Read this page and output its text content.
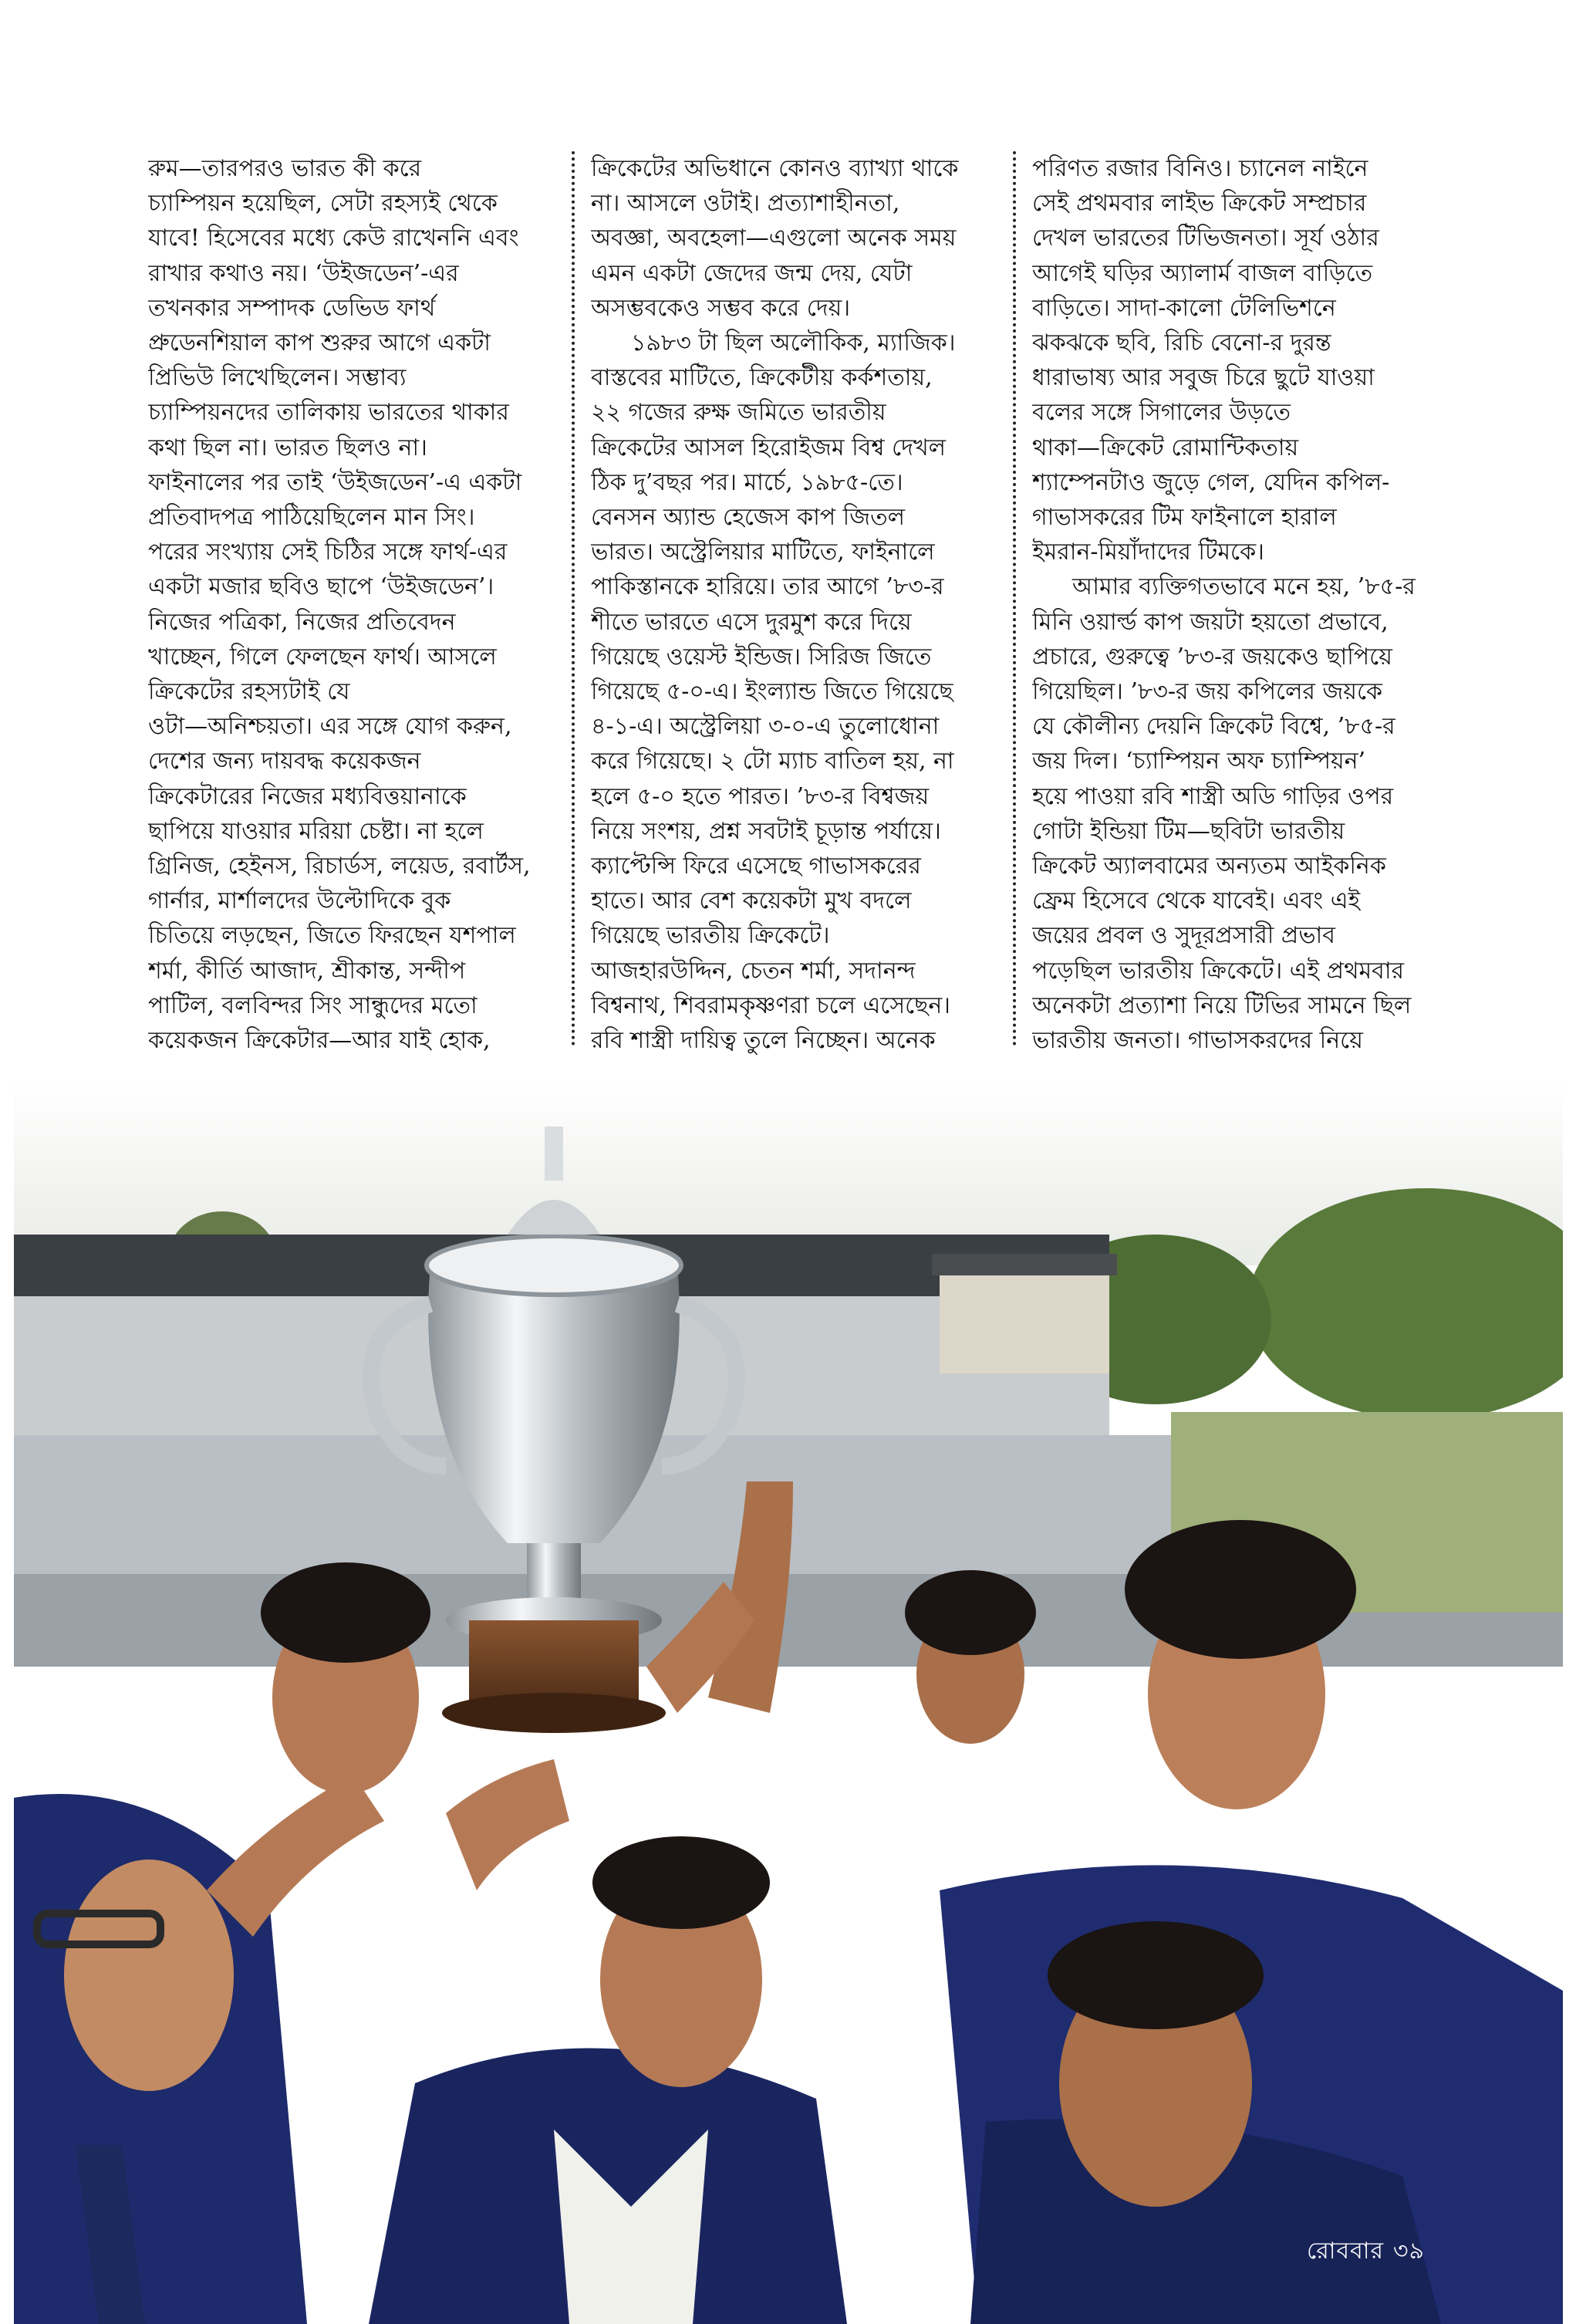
রুম—তারপরও ভারত কী করে
চ্যাম্পিয়ন হয়েছিল, সেটা রহস্যই থেকে
যাবে! হিসেবের মধ্যে কেউ রাখেননি এবং
রাখার কথাও নয়। ‘উইজডেন’-এর
তখনকার সম্পাদক ডেভিড ফার্থ
প্রুডেনশিয়াল কাপ শুরুর আগে একটা
প্রিভিউ লিখেছিলেন। সম্ভাব্য
চ্যাম্পিয়নদের তালিকায় ভারতের থাকার
কথা ছিল না। ভারত ছিলও না।
ফাইনালের পর তাই ‘উইজডেন’-এ একটা
প্রতিবাদপত্র পাঠিয়েছিলেন মান সিং।
পরের সংখ্যায় সেই চিঠির সঙ্গে ফার্থ-এর
একটা মজার ছবিও ছাপে ‘উইজডেন’।
নিজের পত্রিকা, নিজের প্রতিবেদন
খাচ্ছেন, গিলে ফেলছেন ফার্থ। আসলে
ক্রিকেটের রহস্যটাই যে
ওটা—অনিশ্চয়তা। এর সঙ্গে যোগ করুন,
দেশের জন্য দায়বদ্ধ কয়েকজন
ক্রিকেটারের নিজের মধ্যবিত্তয়ানাকে
ছাপিয়ে যাওয়ার মরিয়া চেষ্টা। না হলে
গ্রিনিজ, হেইনস, রিচার্ডস, লয়েড, রবার্টস,
গার্নার, মার্শালদের উল্টোদিকে বুক
চিতিয়ে লড়ছেন, জিতে ফিরছেন যশপাল
শর্মা, কীর্তি আজাদ, শ্রীকান্ত, সন্দীপ
পাটিল, বলবিন্দর সিং সান্ধুদের মতো
কয়েকজন ক্রিকেটার—আর যাই হোক,
ক্রিকেটের অভিধানে কোনও ব্যাখ্যা থাকে
না। আসলে ওটাই। প্রত্যাশাহীনতা,
অবজ্ঞা, অবহেলা—এগুলো অনেক সময়
এমন একটা জেদের জন্ম দেয়, যেটা
অসম্ভবকেও সম্ভব করে দেয়।
১৯৮৩ টা ছিল অলৌকিক, ম্যাজিক।
বাস্তবের মাটিতে, ক্রিকেটীয় কর্কশতায়,
২২ গজের রুক্ষ জমিতে ভারতীয়
ক্রিকেটের আসল হিরোইজম বিশ্ব দেখল
ঠিক দু’বছর পর। মার্চে, ১৯৮৫-তে।
বেনসন অ্যান্ড হেজেস কাপ জিতল
ভারত। অস্ট্রেলিয়ার মাটিতে, ফাইনালে
পাকিস্তানকে হারিয়ে। তার আগে ’৮৩-র
শীতে ভারতে এসে দুরমুশ করে দিয়ে
গিয়েছে ওয়েস্ট ইন্ডিজ। সিরিজ জিতে
গিয়েছে ৫-০-এ। ইংল্যান্ড জিতে গিয়েছে
৪-১-এ। অস্ট্রেলিয়া ৩-০-এ তুলোধোনা
করে গিয়েছে। ২ টো ম্যাচ বাতিল হয়, না
হলে ৫-০ হতে পারত। ’৮৩-র বিশ্বজয়
নিয়ে সংশয়, প্রশ্ন সবটাই চূড়ান্ত পর্যায়ে।
ক্যাপ্টেন্সি ফিরে এসেছে গাভাসকরের
হাতে। আর বেশ কয়েকটা মুখ বদলে
গিয়েছে ভারতীয় ক্রিকেটে।
আজহারউদ্দিন, চেতন শর্মা, সদানন্দ
বিশ্বনাথ, শিবরামকৃষ্ণণরা চলে এসেছেন।
রবি শাস্ত্রী দায়িত্ব তুলে নিচ্ছেন। অনেক
পরিণত রজার বিনিও। চ্যানেল নাইনে
সেই প্রথমবার লাইভ ক্রিকেট সম্প্রচার
দেখল ভারতের টিভিজনতা। সূর্য ওঠার
আগেই ঘড়ির অ্যালার্ম বাজল বাড়িতে
বাড়িতে। সাদা-কালো টেলিভিশনে
ঝকঝকে ছবি, রিচি বেনো-র দুরন্ত
ধারাভাষ্য আর সবুজ চিরে ছুটে যাওয়া
বলের সঙ্গে সিগালের উড়তে
থাকা—ক্রিকেট রোমান্টিকতায়
শ্যাম্পেনটাও জুড়ে গেল, যেদিন কপিল-
গাভাসকরের টিম ফাইনালে হারাল
ইমরান-মিয়াঁদাদের টিমকে।
আমার ব্যক্তিগতভাবে মনে হয়, ’৮৫-র
মিনি ওয়ার্ল্ড কাপ জয়টা হয়তো প্রভাবে,
প্রচারে, গুরুত্বে ’৮৩-র জয়কেও ছাপিয়ে
গিয়েছিল। ’৮৩-র জয় কপিলের জয়কে
যে কৌলীন্য দেয়নি ক্রিকেট বিশ্বে, ’৮৫-র
জয় দিল। ‘চ্যাম্পিয়ন অফ চ্যাম্পিয়ন’
হয়ে পাওয়া রবি শাস্ত্রী অডি গাড়ির ওপর
গোটা ইন্ডিয়া টিম—ছবিটা ভারতীয়
ক্রিকেট অ্যালবামের অন্যতম আইকনিক
ফ্রেম হিসেবে থেকে যাবেই। এবং এই
জয়ের প্রবল ও সুদূরপ্রসারী প্রভাব
পড়েছিল ভারতীয় ক্রিকেটে। এই প্রথমবার
অনেকটা প্রত্যাশা নিয়ে টিভির সামনে ছিল
ভারতীয় জনতা। গাভাসকরদের নিয়ে
রোববার ৩৯
